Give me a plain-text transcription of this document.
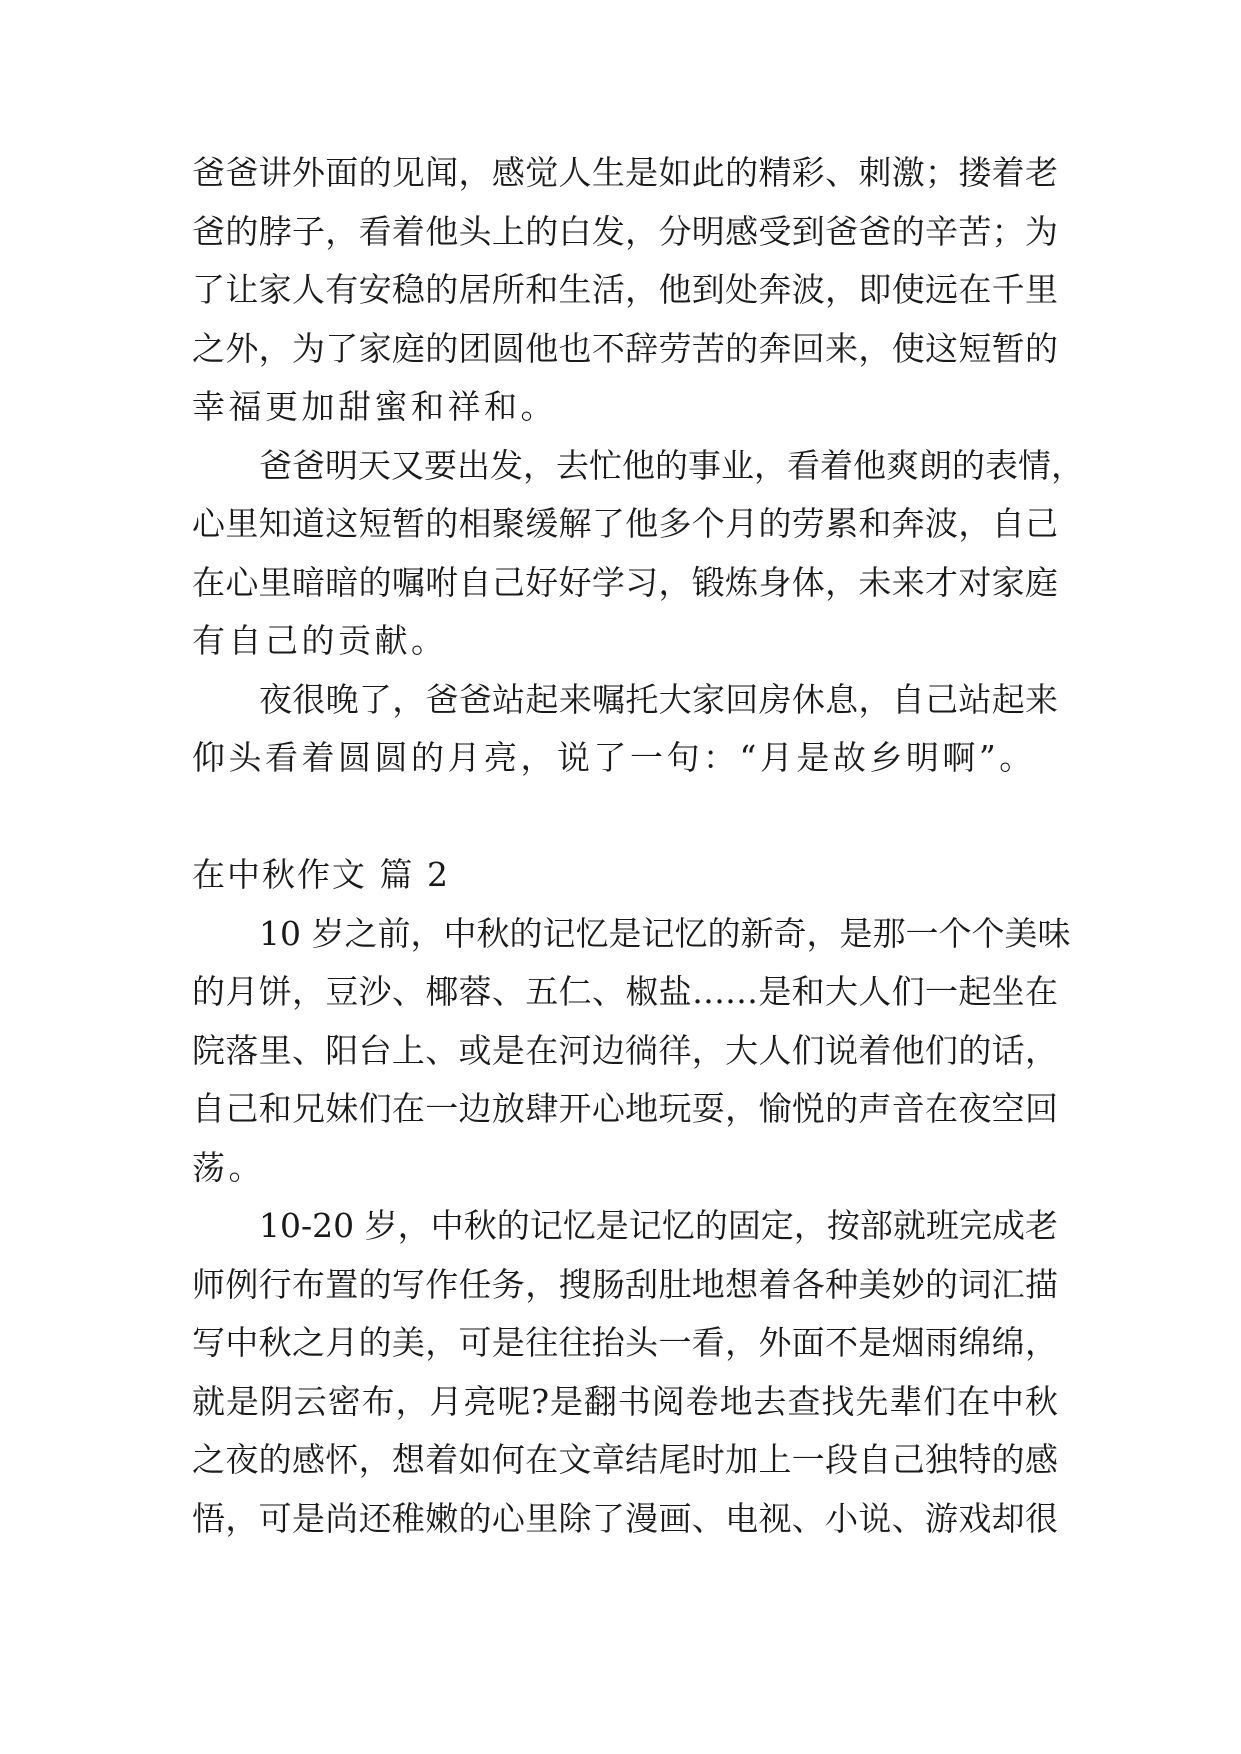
爸爸讲外面的见闻，感觉人生是如此的精彩、刺激；搂着老
爸的脖子，看着他头上的白发，分明感受到爸爸的辛苦；为
了让家人有安稳的居所和生活，他到处奔波，即使远在千里
之外，为了家庭的团圆他也不辞劳苦的奔回来，使这短暂的
幸福更加甜蜜和祥和。
爸爸明天又要出发，去忙他的事业，看着他爽朗的表情，
心里知道这短暂的相聚缓解了他多个月的劳累和奔波，自己
在心里暗暗的嘱咐自己好好学习，锻炼身体，未来才对家庭
有自己的贡献。
夜很晚了，爸爸站起来嘱托大家回房休息，自己站起来
仰头看着圆圆的月亮，说了一句：“月是故乡明啊”。
在中秋作文 篇 2
10 岁之前，中秋的记忆是记忆的新奇，是那一个个美味
的月饼，豆沙、椰蓉、五仁、椒盐……是和大人们一起坐在
院落里、阳台上、或是在河边徜徉，大人们说着他们的话，
自己和兄妹们在一边放肆开心地玩耍，愉悦的声音在夜空回
荡。
10-20 岁，中秋的记忆是记忆的固定，按部就班完成老
师例行布置的写作任务，搜肠刮肚地想着各种美妙的词汇描
写中秋之月的美，可是往往抬头一看，外面不是烟雨绵绵，
就是阴云密布，月亮呢?是翻书阅卷地去查找先辈们在中秋
之夜的感怀，想着如何在文章结尾时加上一段自己独特的感
悟，可是尚还稚嫩的心里除了漫画、电视、小说、游戏却很
